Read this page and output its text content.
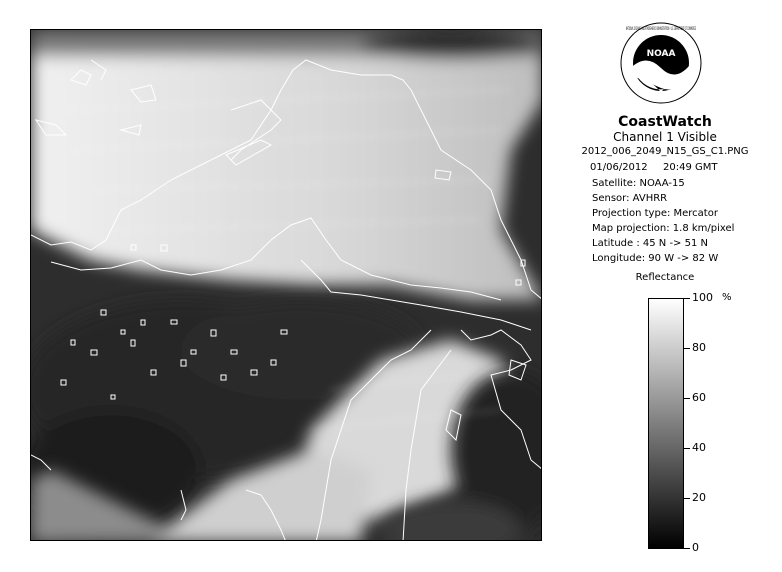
NOAA
NATIONAL OCEANIC AND ATMOSPHERIC ADMINISTRATION · U.S. DEPARTMENT OF COMMERCE
CoastWatch
Channel 1 Visible
2012_006_2049_N15_GS_C1.PNG
01/06/2012 20:49 GMT
Satellite: NOAA-15
Sensor: AVHRR
Projection type: Mercator
Map projection: 1.8 km/pixel
Latitude : 45 N -> 51 N
Longitude: 90 W -> 82 W
Reflectance
%
100
80
60
40
20
0
